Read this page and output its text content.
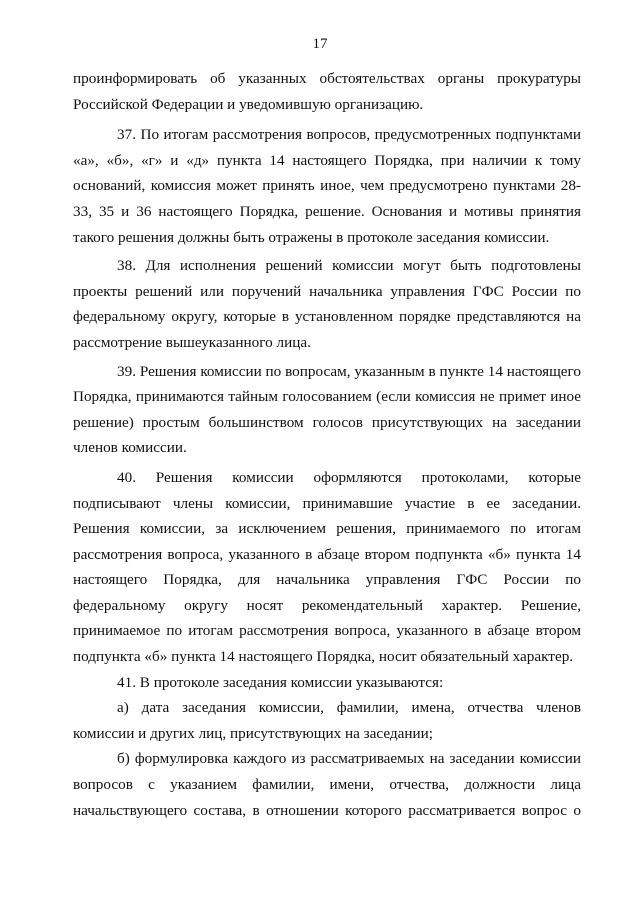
17

проинформировать об указанных обстоятельствах органы прокуратуры Российской Федерации и уведомившую организацию.

37. По итогам рассмотрения вопросов, предусмотренных подпунктами «а», «б», «г» и «д» пункта 14 настоящего Порядка, при наличии к тому оснований, комиссия может принять иное, чем предусмотрено пунктами 28-33, 35 и 36 настоящего Порядка, решение. Основания и мотивы принятия такого решения должны быть отражены в протоколе заседания комиссии.

38. Для исполнения решений комиссии могут быть подготовлены проекты решений или поручений начальника управления ГФС России по федеральному округу, которые в установленном порядке представляются на рассмотрение вышеуказанного лица.

39. Решения комиссии по вопросам, указанным в пункте 14 настоящего Порядка, принимаются тайным голосованием (если комиссия не примет иное решение) простым большинством голосов присутствующих на заседании членов комиссии.

40. Решения комиссии оформляются протоколами, которые подписывают члены комиссии, принимавшие участие в ее заседании. Решения комиссии, за исключением решения, принимаемого по итогам рассмотрения вопроса, указанного в абзаце втором подпункта «б» пункта 14 настоящего Порядка, для начальника управления ГФС России по федеральному округу носят рекомендательный характер. Решение, принимаемое по итогам рассмотрения вопроса, указанного в абзаце втором подпункта «б» пункта 14 настоящего Порядка, носит обязательный характер.

41. В протоколе заседания комиссии указываются:

а) дата заседания комиссии, фамилии, имена, отчества членов комиссии и других лиц, присутствующих на заседании;

б) формулировка каждого из рассматриваемых на заседании комиссии вопросов с указанием фамилии, имени, отчества, должности лица начальствующего состава, в отношении которого рассматривается вопрос о
